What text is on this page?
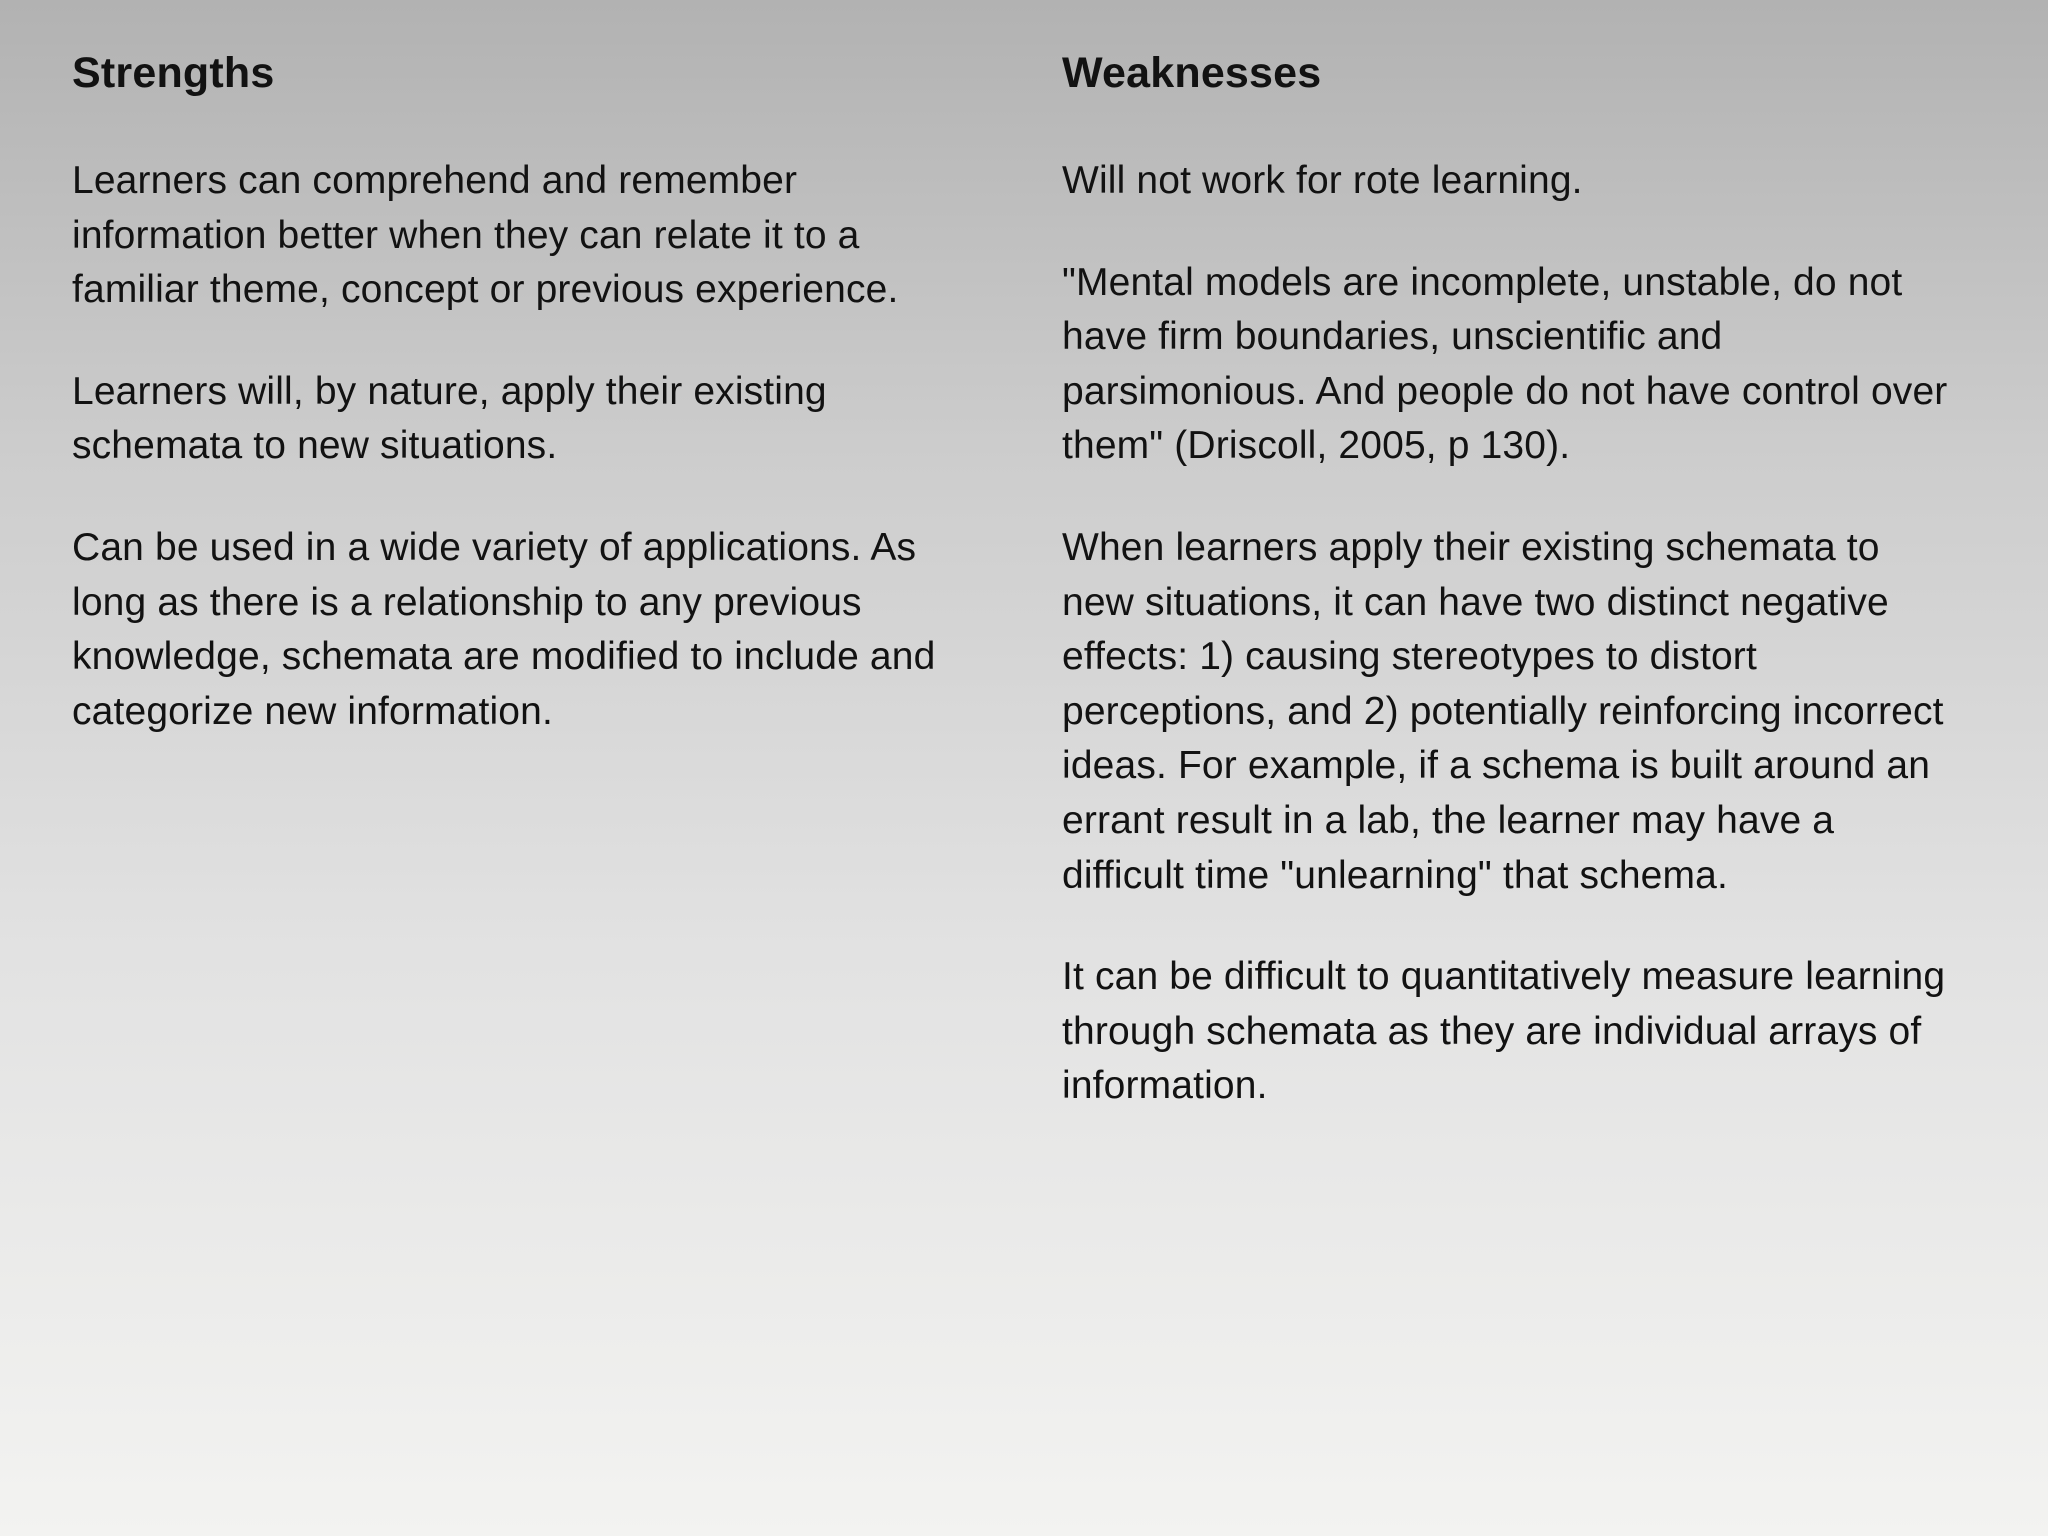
Strengths

Learners can comprehend and remember information better when they can relate it to a familiar theme, concept or previous experience.

Learners will, by nature, apply their existing schemata to new situations.

Can be used in a wide variety of applications. As long as there is a relationship to any previous knowledge, schemata are modified to include and categorize new information.

Weaknesses

Will not work for rote learning.

"Mental models are incomplete, unstable, do not have firm boundaries, unscientific and parsimonious. And people do not have control over them" (Driscoll, 2005, p 130).

When learners apply their existing schemata to new situations, it can have two distinct negative effects: 1) causing stereotypes to distort perceptions, and 2) potentially reinforcing incorrect ideas. For example, if a schema is built around an errant result in a lab, the learner may have a difficult time "unlearning" that schema.

It can be difficult to quantitatively measure learning through schemata as they are individual arrays of information.
